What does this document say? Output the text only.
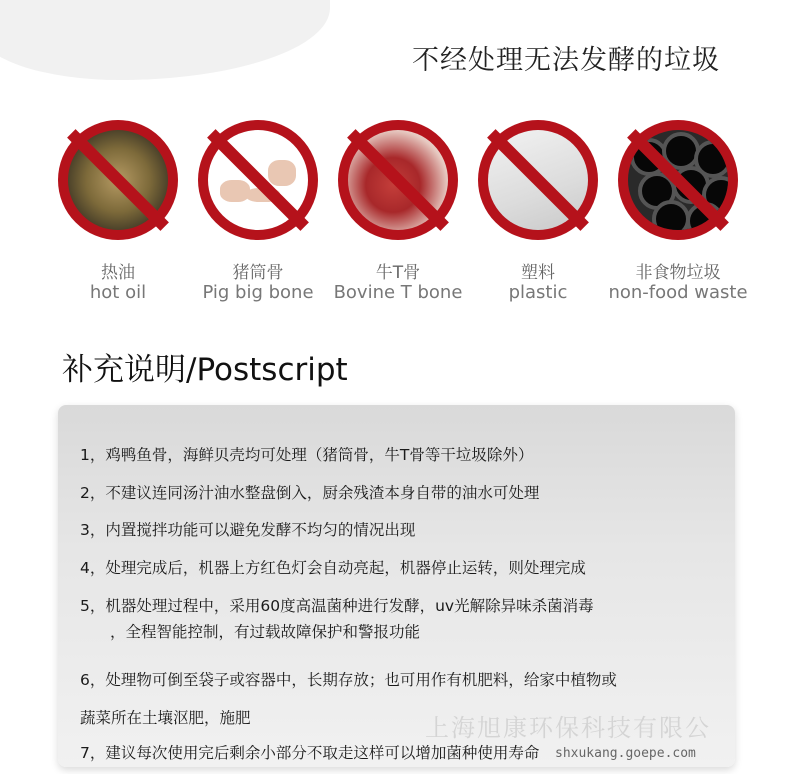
不经处理无法发酵的垃圾
热油
hot oil
猪筒骨
Pig big bone
牛T骨
Bovine T bone
塑料
plastic
非食物垃圾
non-food waste
补充说明/Postscript
1，鸡鸭鱼骨，海鲜贝壳均可处理（猪筒骨，牛T骨等干垃圾除外）
2，不建议连同汤汁油水整盘倒入，厨余残渣本身自带的油水可处理
3，内置搅拌功能可以避免发酵不均匀的情况出现
4，处理完成后，机器上方红色灯会自动亮起，机器停止运转，则处理完成
5，机器处理过程中，采用60度高温菌种进行发酵，uv光解除异味杀菌消毒
，全程智能控制，有过载故障保护和警报功能
6，处理物可倒至袋子或容器中，长期存放；也可用作有机肥料，给家中植物或
蔬菜所在土壤沤肥，施肥
7，建议每次使用完后剩余小部分不取走这样可以增加菌种使用寿命
上海旭康环保科技有限公
shxukang.goepe.com
